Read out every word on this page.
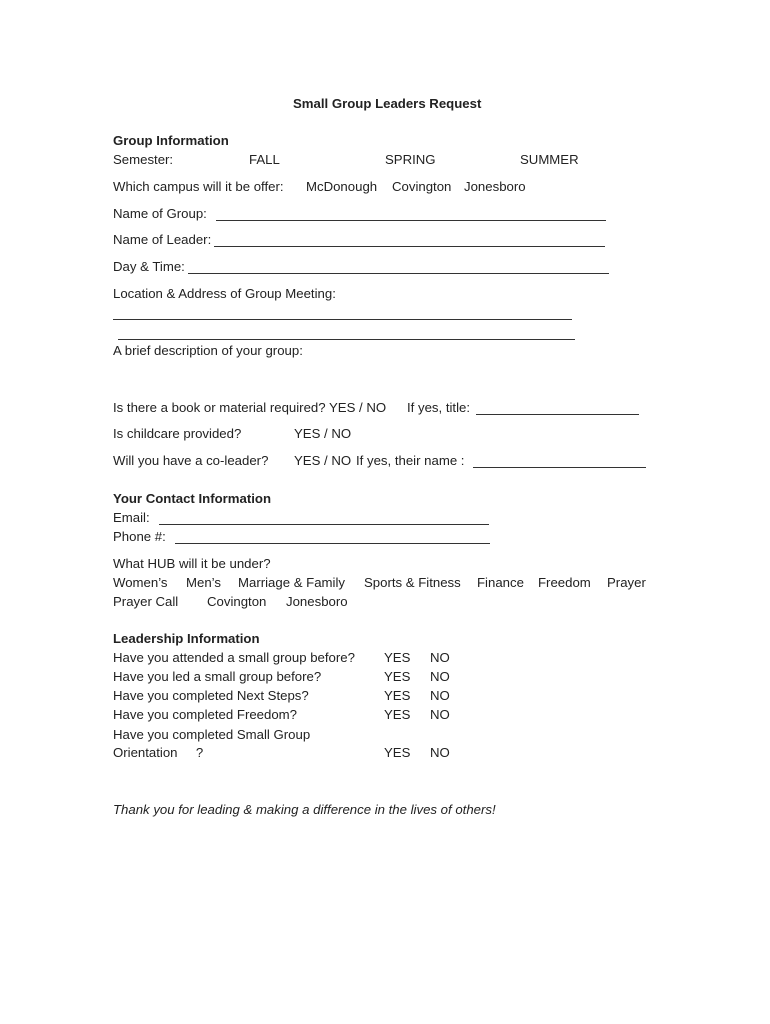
Small Group Leaders Request
Group Information
Semester:	FALL	SPRING	SUMMER
Which campus will it be offer: McDonough Covington Jonesboro
Name of Group:
Name of Leader:
Day & Time:
Location & Address of Group Meeting:
A brief description of your group:
Is there a book or material required? YES / NO If yes, title:
Is childcare provided?	YES / NO
Will you have a co-leader? YES / NO If yes, their name :
Your Contact Information
Email:
Phone #:
What HUB will it be under?
Women’s Men’s Marriage & Family Sports & Fitness Finance Freedom Prayer
Prayer Call Covington Jonesboro
Leadership Information
Have you attended a small group before? YES NO
Have you led a small group before?	YES NO
Have you completed Next Steps?	YES NO
Have you completed Freedom?	YES NO
Have you completed Small Group
Orientation     ?	YES NO
Thank you for leading & making a difference in the lives of others!
